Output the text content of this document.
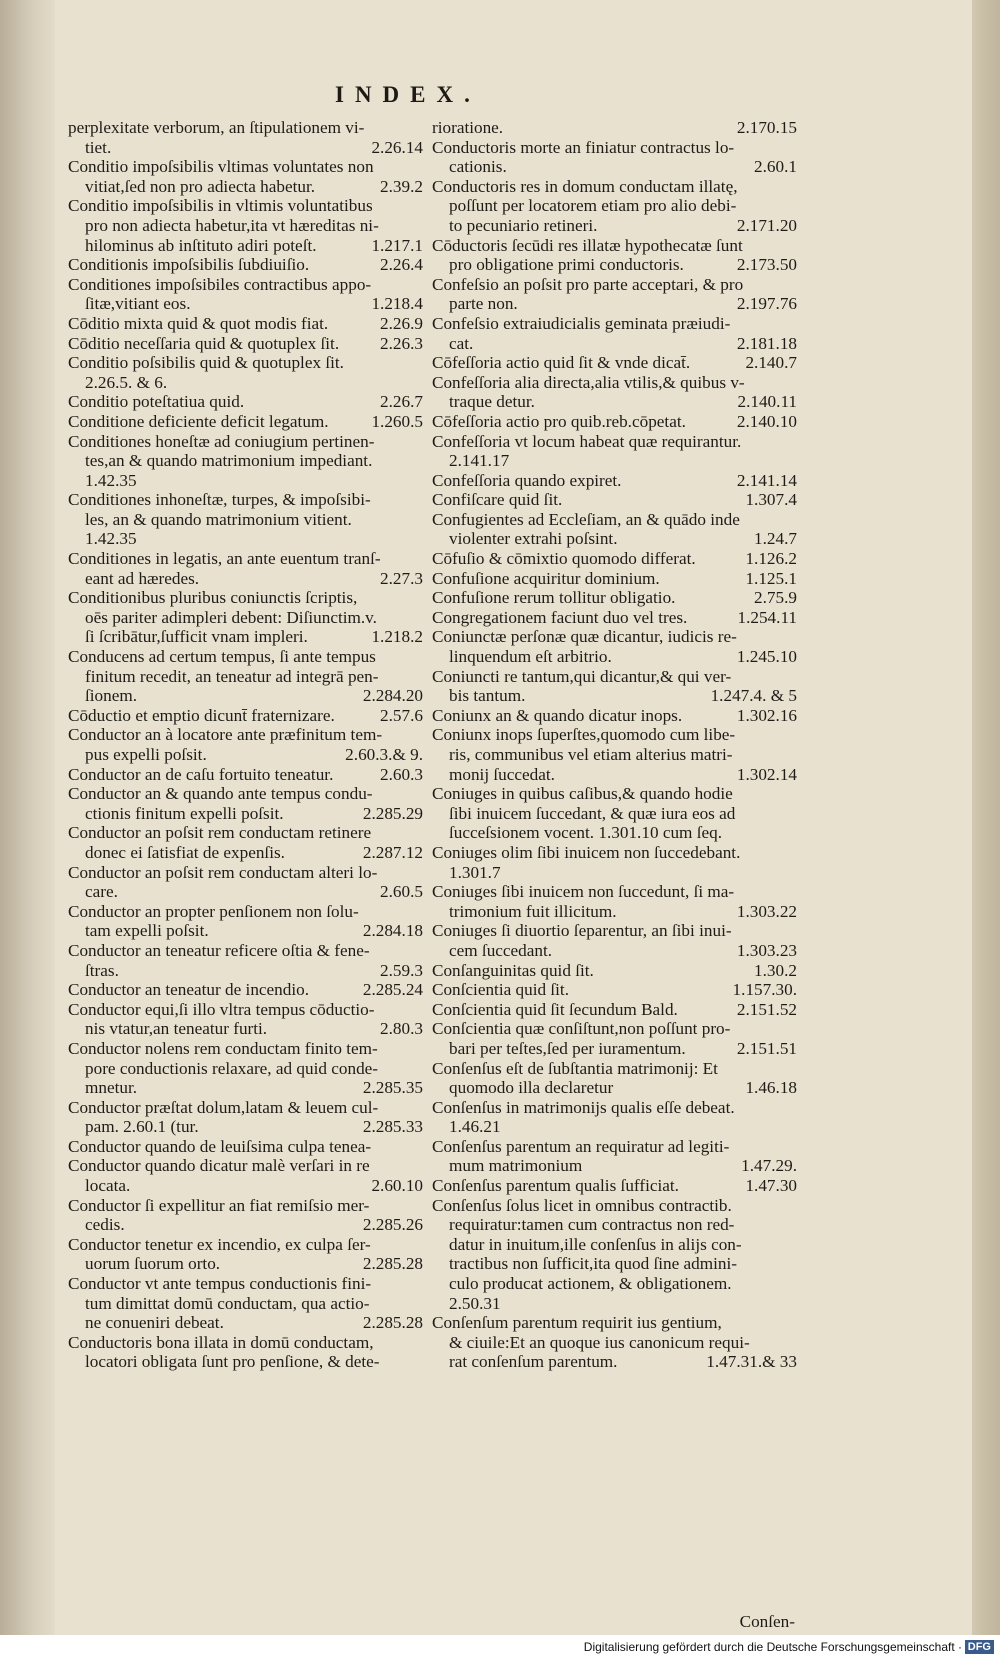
INDEX.
perplexitate verborum, an ſtipulationem vi-
tiet.	2.26.14
Conditio impoſsibilis vltimas voluntates non
vitiat,ſed non pro adiecta habetur.	2.39.2
Conditio impoſsibilis in vltimis voluntatibus
pro non adiecta habetur,ita vt hæreditas ni-
hilominus ab inſtituto adiri poteſt.	1.217.1
Conditionis impoſsibilis ſubdiuiſio.	2.26.4
Conditiones impoſsibiles contractibus appo-
ſitæ,vitiant eos.	1.218.4
Cōditio mixta quid & quot modis fiat.	2.26.9
Cōditio neceſſaria quid & quotuplex ſit. 2.26.3
Conditio poſsibilis quid & quotuplex ſit.
2.26.5. & 6.
Conditio poteſtatiua quid.	2.26.7
Conditione deficiente deficit legatum. 1.260.5
Conditiones honeſtæ ad coniugium pertinen-
tes,an & quando matrimonium impediant.
1.42.35
Conditiones inhoneſtæ, turpes, & impoſsibi-
les, an & quando matrimonium vitient.
1.42.35
Conditiones in legatis, an ante euentum tranſ-
eant ad hæredes.	2.27.3
Conditionibus pluribus coniunctis ſcriptis,
oēs pariter adimpleri debent: Diſiunctim.v.
ſi ſcribātur,ſufficit vnam impleri.	1.218.2
Conducens ad certum tempus, ſi ante tempus
finitum recedit, an teneatur ad integrā pen-
ſionem.	2.284.20
Cōductio et emptio dicunt̄ fraternizare.	2.57.6
Conductor an à locatore ante præfinitum tem-
pus expelli poſsit.	2.60.3.& 9.
Conductor an de caſu fortuito teneatur.	2.60.3
Conductor an & quando ante tempus condu-
ctionis finitum expelli poſsit.	2.285.29
Conductor an poſsit rem conductam retinere
donec ei ſatisfiat de expenſis.	2.287.12
Conductor an poſsit rem conductam alteri lo-
care.	2.60.5
Conductor an propter penſionem non ſolu-
tam expelli poſsit.	2.284.18
Conductor an teneatur reficere oſtia & fene-
ſtras.	2.59.3
Conductor an teneatur de incendio.	2.285.24
Conductor equi,ſi illo vltra tempus cōductio-
nis vtatur,an teneatur furti.	2.80.3
Conductor nolens rem conductam finito tem-
pore conductionis relaxare, ad quid conde-
mnetur.	2.285.35
Conductor præſtat dolum,latam & leuem cul-
pam. 2.60.1 (tur.	2.285.33
Conductor quando de leuiſsima culpa tenea-
Conductor quando dicatur malè verſari in re
locata.	2.60.10
Conductor ſi expellitur an fiat remiſsio mer-
cedis.	2.285.26
Conductor tenetur ex incendio, ex culpa ſer-
uorum ſuorum orto.	2.285.28
Conductor vt ante tempus conductionis fini-
tum dimittat domū conductam, qua actio-
ne conueniri debeat.	2.285.28
Conductoris bona illata in domū conductam,
locatori obligata ſunt pro penſione, & dete-
rioratione.	2.170.15
Conductoris morte an finiatur contractus lo-
cationis.	2.60.1
Conductoris res in domum conductam illatę,
poſſunt per locatorem etiam pro alio debi-
to pecuniario retineri.	2.171.20
Cōductoris ſecūdi res illatæ hypothecatæ ſunt
pro obligatione primi conductoris.	2.173.50
Confeſsio an poſsit pro parte acceptari, & pro
parte non.	2.197.76
Confeſsio extraiudicialis geminata præiudi-
cat.	2.181.18
Cōfeſſoria actio quid ſit & vnde dicat̄.	2.140.7
Confeſſoria alia directa,alia vtilis,& quibus v-
traque detur.	2.140.11
Cōfeſſoria actio pro quib.reb.cōpetat.	2.140.10
Confeſſoria vt locum habeat quæ requirantur.
2.141.17
Confeſſoria quando expiret.	2.141.14
Confiſcare quid ſit.	1.307.4
Confugientes ad Eccleſiam, an & quādo inde
violenter extrahi poſsint.	1.24.7
Cōfuſio & cōmixtio quomodo differat.	1.126.2
Confuſione acquiritur dominium.	1.125.1
Confuſione rerum tollitur obligatio.	2.75.9
Congregationem faciunt duo vel tres.	1.254.11
Coniunctæ perſonæ quæ dicantur, iudicis re-
linquendum eſt arbitrio.	1.245.10
Coniuncti re tantum,qui dicantur,& qui ver-
bis tantum.	1.247.4. & 5
Coniunx an & quando dicatur inops.	1.302.16
Coniunx inops ſuperſtes,quomodo cum libe-
ris, communibus vel etiam alterius matri-
monij ſuccedat.	1.302.14
Coniuges in quibus caſibus,& quando hodie
ſibi inuicem ſuccedant, & quæ iura eos ad
ſucceſsionem vocent. 1.301.10 cum ſeq.
Coniuges olim ſibi inuicem non ſuccedebant.
1.301.7
Coniuges ſibi inuicem non ſuccedunt, ſi ma-
trimonium fuit illicitum.	1.303.22
Coniuges ſi diuortio ſeparentur, an ſibi inui-
cem ſuccedant.	1.303.23
Conſanguinitas quid ſit.	1.30.2
Conſcientia quid ſit.	1.157.30.
Conſcientia quid ſit ſecundum Bald.	2.151.52
Conſcientia quæ conſiſtunt,non poſſunt pro-
bari per teſtes,ſed per iuramentum.	2.151.51
Conſenſus eſt de ſubſtantia matrimonij: Et
quomodo illa declaretur	1.46.18
Conſenſus in matrimonijs qualis eſſe debeat.
1.46.21
Conſenſus parentum an requiratur ad legiti-
mum matrimonium	1.47.29.
Conſenſus parentum qualis ſufficiat.	1.47.30
Conſenſus ſolus licet in omnibus contractib.
requiratur:tamen cum contractus non red-
datur in inuitum,ille conſenſus in alijs con-
tractibus non ſufficit,ita quod ſine admini-
culo producat actionem, & obligationem.
2.50.31
Conſenſum parentum requirit ius gentium,
& ciuile:Et an quoque ius canonicum requi-
rat conſenſum parentum.	1.47.31.& 33
Conſen-
Digitalisierung gefördert durch die Deutsche Forschungsgemeinschaft · DFG
